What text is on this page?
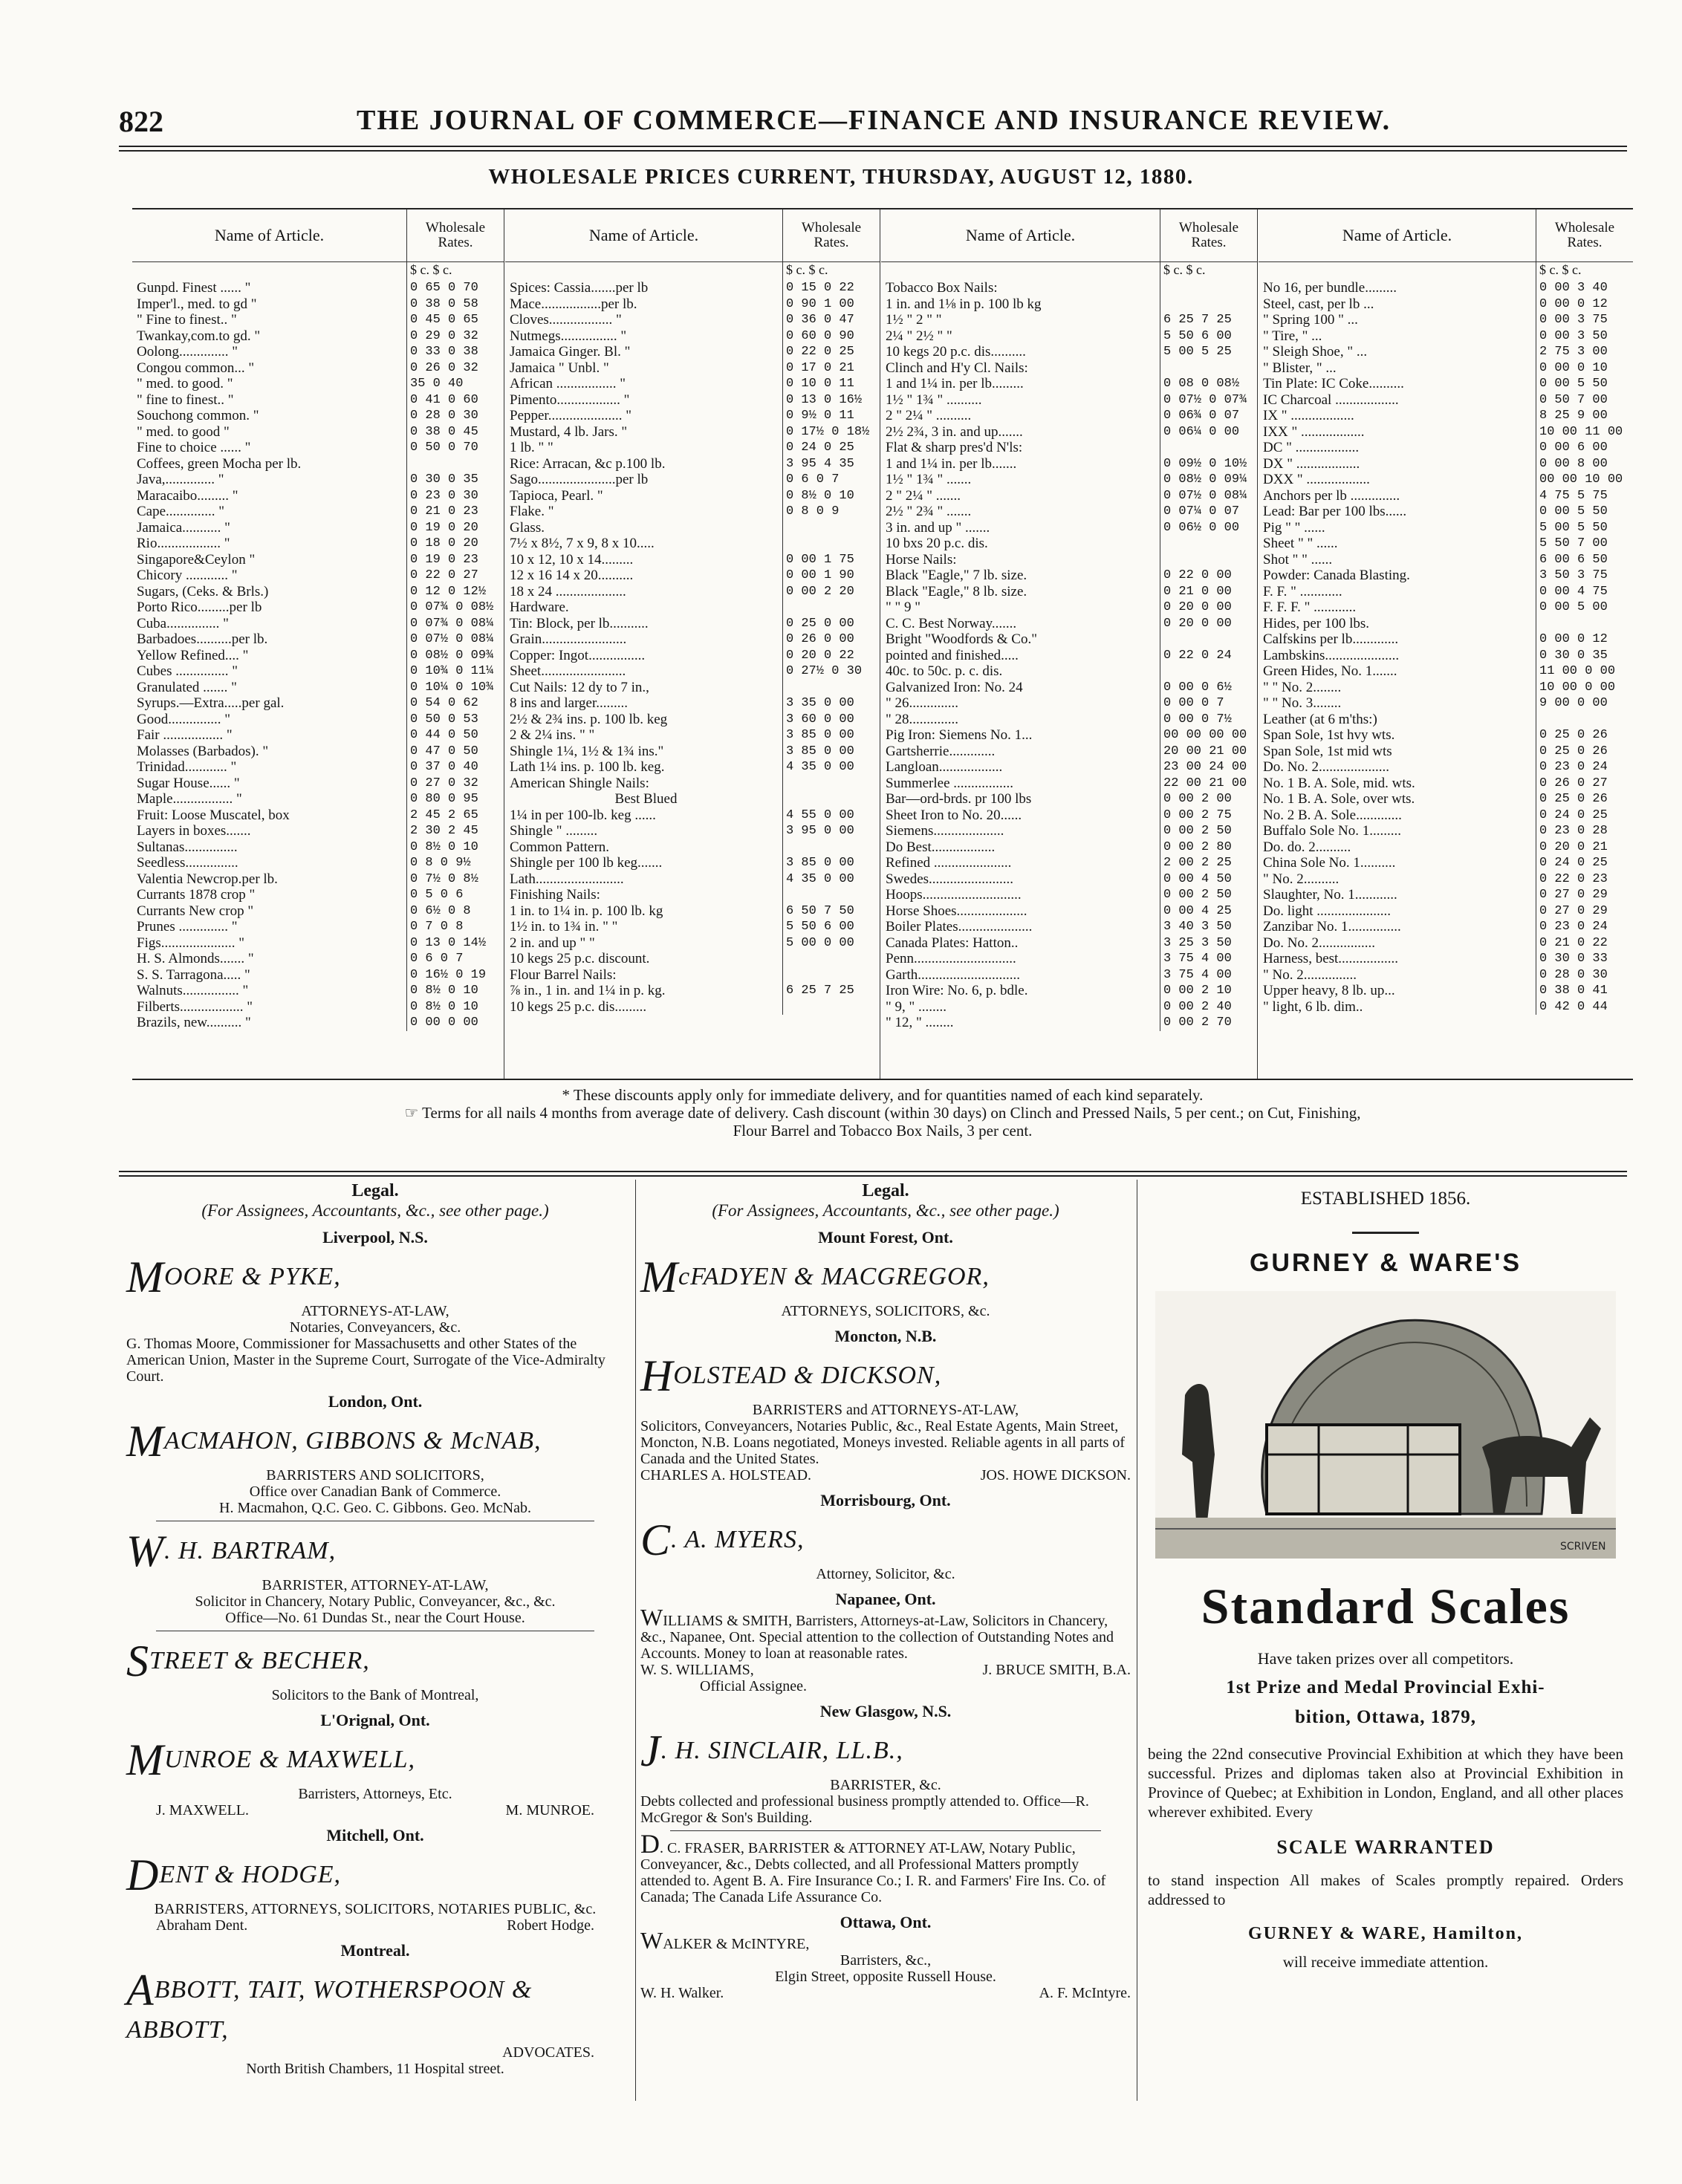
822	THE JOURNAL OF COMMERCE—FINANCE AND INSURANCE REVIEW.
WHOLESALE PRICES CURRENT, THURSDAY, AUGUST 12, 1880.
Name of Article.	Wholesale
Rates.
$ c. $ c.
Gunpd. Finest ...... "	0 65 0 70
Imper'l., med. to gd "	0 38 0 58
" Fine to finest.. "	0 45 0 65
Twankay,com.to gd. "	0 29 0 32
Oolong.............. "	0 33 0 38
Congou common... "	0 26 0 32
" med. to good. "	35 0 40
" fine to finest.. "	0 41 0 60
Souchong common. "	0 28 0 30
" med. to good "	0 38 0 45
Fine to choice ...... "	0 50 0 70
Coffees, green Mocha per lb.
Java,.............. "	0 30 0 35
Maracaibo......... "	0 23 0 30
Cape.............. "	0 21 0 23
Jamaica........... "	0 19 0 20
Rio.................. "	0 18 0 20
Singapore&Ceylon "	0 19 0 23
Chicory ............ "	0 22 0 27
Sugars, (Ceks. & Brls.)	0 12 0 12½
Porto Rico.........per lb	0 07¾ 0 08½
Cuba............... "	0 07¾ 0 08¼
Barbadoes..........per lb.	0 07½ 0 08¼
Yellow Refined.... "	0 08½ 0 09¾
Cubes ............... "	0 10¾ 0 11¼
Granulated ....... "	0 10¼ 0 10¾
Syrups.—Extra.....per gal.	0 54 0 62
Good............... "	0 50 0 53
Fair ................. "	0 44 0 50
Molasses (Barbados). "	0 47 0 50
Trinidad............ "	0 37 0 40
Sugar House...... "	0 27 0 32
Maple................. "	0 80 0 95
Fruit: Loose Muscatel, box	2 45 2 65
Layers in boxes.......	2 30 2 45
Sultanas...............	0 8½ 0 10
Seedless...............	0 8 0 9½
Valentia Newcrop.per lb.	0 7½ 0 8½
Currants 1878 crop "	0 5 0 6
Currants New crop "	0 6½ 0 8
Prunes .............. "	0 7 0 8
Figs..................... "	0 13 0 14½
H. S. Almonds....... "	0 6 0 7
S. S. Tarragona..... "	0 16½ 0 19
Walnuts................ "	0 8½ 0 10
Filberts.................. "	0 8½ 0 10
Brazils, new.......... "	0 00 0 00
Name of Article.	Wholesale
Rates.
$ c. $ c.
Spices: Cassia.......per lb	0 15 0 22
Mace.................per lb.	0 90 1 00
Cloves.................. "	0 36 0 47
Nutmegs................ "	0 60 0 90
Jamaica Ginger. Bl. "	0 22 0 25
Jamaica " Unbl. "	0 17 0 21
African ................. "	0 10 0 11
Pimento.................. "	0 13 0 16½
Pepper..................... "	0 9½ 0 11
Mustard, 4 lb. Jars. "	0 17½ 0 18½
1 lb. " "	0 24 0 25
Rice: Arracan, &c p.100 lb.	3 95 4 35
Sago......................per lb	0 6 0 7
Tapioca, Pearl. "	0 8½ 0 10
Flake. "	0 8 0 9
Glass.
7½ x 8½, 7 x 9, 8 x 10.....
10 x 12, 10 x 14.........	0 00 1 75
12 x 16 14 x 20..........	0 00 1 90
18 x 24 ....................	0 00 2 20
Hardware.
Tin: Block, per lb...........	0 25 0 00
Grain........................	0 26 0 00
Copper: Ingot................	0 20 0 22
Sheet........................	0 27½ 0 30
Cut Nails: 12 dy to 7 in.,
8 ins and larger.........	3 35 0 00
2½ & 2¾ ins. p. 100 lb. keg	3 60 0 00
2 & 2¼ ins. " "	3 85 0 00
Shingle 1¼, 1½ & 1¾ ins."	3 85 0 00
Lath 1¼ ins. p. 100 lb. keg.	4 35 0 00
American Shingle Nails:
Best Blued
1¼ in per 100-lb. keg ......	4 55 0 00
Shingle " .........	3 95 0 00
Common Pattern.
Shingle per 100 lb keg.......	3 85 0 00
Lath.........................	4 35 0 00
Finishing Nails:
1 in. to 1¼ in. p. 100 lb. kg	6 50 7 50
1½ in. to 1¾ in. " "	5 50 6 00
2 in. and up " "	5 00 0 00
10 kegs 25 p.c. discount.
Flour Barrel Nails:
⅞ in., 1 in. and 1¼ in p. kg.	6 25 7 25
10 kegs 25 p.c. dis.........
Name of Article.	Wholesale
Rates.
$ c. $ c.
Tobacco Box Nails:
1 in. and 1⅛ in p. 100 lb kg
1½ " 2 " "	6 25 7 25
2¼ " 2½ " "	5 50 6 00
10 kegs 20 p.c. dis..........	5 00 5 25
Clinch and H'y Cl. Nails:
1 and 1¼ in. per lb.........	0 08 0 08½
1½ " 1¾ " ..........	0 07½ 0 07¾
2 " 2¼ " ..........	0 06¾ 0 07
2½ 2¾, 3 in. and up.......	0 06¼ 0 00
Flat & sharp pres'd N'ls:
1 and 1¼ in. per lb.......	0 09½ 0 10½
1½ " 1¾ " .......	0 08½ 0 09¼
2 " 2¼ " .......	0 07½ 0 08¼
2½ " 2¾ " .......	0 07¼ 0 07
3 in. and up " .......	0 06½ 0 00
10 bxs 20 p.c. dis.
Horse Nails:
Black "Eagle," 7 lb. size.	0 22 0 00
Black "Eagle," 8 lb. size.	0 21 0 00
" " 9 "	0 20 0 00
C. C. Best Norway.......	0 20 0 00
Bright "Woodfords & Co."
pointed and finished.....	0 22 0 24
40c. to 50c. p. c. dis.
Galvanized Iron: No. 24	0 00 0 6½
" 26..............	0 00 0 7
" 28..............	0 00 0 7½
Pig Iron: Siemens No. 1...	00 00 00 00
Gartsherrie.............	20 00 21 00
Langloan..................	23 00 24 00
Summerlee .................	22 00 21 00
Bar—ord-brds. pr 100 lbs	0 00 2 00
Sheet Iron to No. 20......	0 00 2 75
Siemens....................	0 00 2 50
Do Best..................	0 00 2 80
Refined ......................	2 00 2 25
Swedes........................	0 00 4 50
Hoops............................	0 00 2 50
Horse Shoes....................	0 00 4 25
Boiler Plates.....................	3 40 3 50
Canada Plates: Hatton..	3 25 3 50
Penn.............................	3 75 4 00
Garth.............................	3 75 4 00
Iron Wire: No. 6, p. bdle.	0 00 2 10
" 9, " ........	0 00 2 40
" 12, " ........	0 00 2 70
Name of Article.	Wholesale
Rates.
$ c. $ c.
No 16, per bundle.........	0 00 3 40
Steel, cast, per lb ...	0 00 0 12
" Spring 100 " ...	0 00 3 75
" Tire, " ...	0 00 3 50
" Sleigh Shoe, " ...	2 75 3 00
" Blister, " ...	0 00 0 10
Tin Plate: IC Coke..........	0 00 5 50
IC Charcoal ..................	0 50 7 00
IX " ..................	8 25 9 00
IXX " ..................	10 00 11 00
DC " ..................	0 00 6 00
DX " ..................	0 00 8 00
DXX " ..................	00 00 10 00
Anchors per lb ..............	4 75 5 75
Lead: Bar per 100 lbs......	0 00 5 50
Pig " " ......	5 00 5 50
Sheet " " ......	5 50 7 00
Shot " " ......	6 00 6 50
Powder: Canada Blasting.	3 50 3 75
F. F. " ............	0 00 4 75
F. F. F. " ............	0 00 5 00
Hides, per 100 lbs.
Calfskins per lb.............	0 00 0 12
Lambskins.....................	0 30 0 35
Green Hides, No. 1.......	11 00 0 00
" " No. 2........	10 00 0 00
" " No. 3........	9 00 0 00
Leather (at 6 m'ths:)
Span Sole, 1st hvy wts.	0 25 0 26
Span Sole, 1st mid wts	0 25 0 26
Do. No. 2....................	0 23 0 24
No. 1 B. A. Sole, mid. wts.	0 26 0 27
No. 1 B. A. Sole, over wts.	0 25 0 26
No. 2 B. A. Sole.............	0 24 0 25
Buffalo Sole No. 1.........	0 23 0 28
Do. do. 2..........	0 20 0 21
China Sole No. 1..........	0 24 0 25
" No. 2..........	0 22 0 23
Slaughter, No. 1............	0 27 0 29
Do. light .....................	0 27 0 29
Zanzibar No. 1...............	0 23 0 24
Do. No. 2................	0 21 0 22
Harness, best.................	0 30 0 33
" No. 2...............	0 28 0 30
Upper heavy, 8 lb. up...	0 38 0 41
" light, 6 lb. dim..	0 42 0 44
* These discounts apply only for immediate delivery, and for quantities named of each kind separately.
☞ Terms for all nails 4 months from average date of delivery. Cash discount (within 30 days) on Clinch and Pressed Nails, 5 per cent.; on Cut, Finishing,
Flour Barrel and Tobacco Box Nails, 3 per cent.
Legal.
(For Assignees, Accountants, &c., see other page.)
Liverpool, N.S.
MOORE & PYKE,
ATTORNEYS-AT-LAW,
Notaries, Conveyancers, &c.
G. Thomas Moore, Commissioner for Massachusetts and other States of the American Union, Master in the Supreme Court, Surrogate of the Vice-Admiralty Court.
London, Ont.
MACMAHON, GIBBONS & McNAB,
BARRISTERS AND SOLICITORS,
Office over Canadian Bank of Commerce.
H. Macmahon, Q.C. Geo. C. Gibbons. Geo. McNab.
W. H. BARTRAM,
BARRISTER, ATTORNEY-AT-LAW,
Solicitor in Chancery, Notary Public, Conveyancer, &c., &c.
Office—No. 61 Dundas St., near the Court House.
STREET & BECHER,
Solicitors to the Bank of Montreal,
L'Orignal, Ont.
MUNROE & MAXWELL,
Barristers, Attorneys, Etc.
J. MAXWELL.	M. MUNROE.
Mitchell, Ont.
DENT & HODGE,
BARRISTERS, ATTORNEYS, SOLICITORS, NOTARIES PUBLIC, &c.
Abraham Dent.	Robert Hodge.
Montreal.
ABBOTT, TAIT, WOTHERSPOON & ABBOTT,
ADVOCATES.
North British Chambers, 11 Hospital street.
Legal.
(For Assignees, Accountants, &c., see other page.)
Mount Forest, Ont.
McFADYEN & MACGREGOR,
ATTORNEYS, SOLICITORS, &c.
Moncton, N.B.
HOLSTEAD & DICKSON,
BARRISTERS and ATTORNEYS-AT-LAW,
Solicitors, Conveyancers, Notaries Public, &c., Real Estate Agents, Main Street, Moncton, N.B. Loans negotiated, Moneys invested. Reliable agents in all parts of Canada and the United States.
CHARLES A. HOLSTEAD.	JOS. HOWE DICKSON.
Morrisbourg, Ont.
C. A. MYERS,
Attorney, Solicitor, &c.
Napanee, Ont.
WILLIAMS & SMITH, Barristers, Attorneys-at-Law, Solicitors in Chancery, &c., Napanee, Ont. Special attention to the collection of Outstanding Notes and Accounts. Money to loan at reasonable rates.
W. S. WILLIAMS,	J. BRUCE SMITH, B.A.
Official Assignee.
New Glasgow, N.S.
J. H. SINCLAIR, LL.B.,
BARRISTER, &c.
Debts collected and professional business promptly attended to. Office—R. McGregor & Son's Building.
D. C. FRASER, BARRISTER & ATTORNEY AT-LAW, Notary Public, Conveyancer, &c., Debts collected, and all Professional Matters promptly attended to. Agent B. A. Fire Insurance Co.; I. R. and Farmers' Fire Ins. Co. of Canada; The Canada Life Assurance Co.
Ottawa, Ont.
WALKER & McINTYRE,
Barristers, &c.,
Elgin Street, opposite Russell House.
W. H. Walker.	A. F. McIntyre.
ESTABLISHED 1856.
GURNEY & WARE'S
SCRIVEN
Standard Scales
Have taken prizes over all competitors.
1st Prize and Medal Provincial Exhi-
bition, Ottawa, 1879,
being the 22nd consecutive Provincial Exhibition at which they have been successful. Prizes and diplomas taken also at Provincial Exhibition in Province of Quebec; at Exhibition in London, England, and all other places wherever exhibited. Every
SCALE WARRANTED
to stand inspection All makes of Scales promptly repaired. Orders addressed to
GURNEY & WARE, Hamilton,
will receive immediate attention.
